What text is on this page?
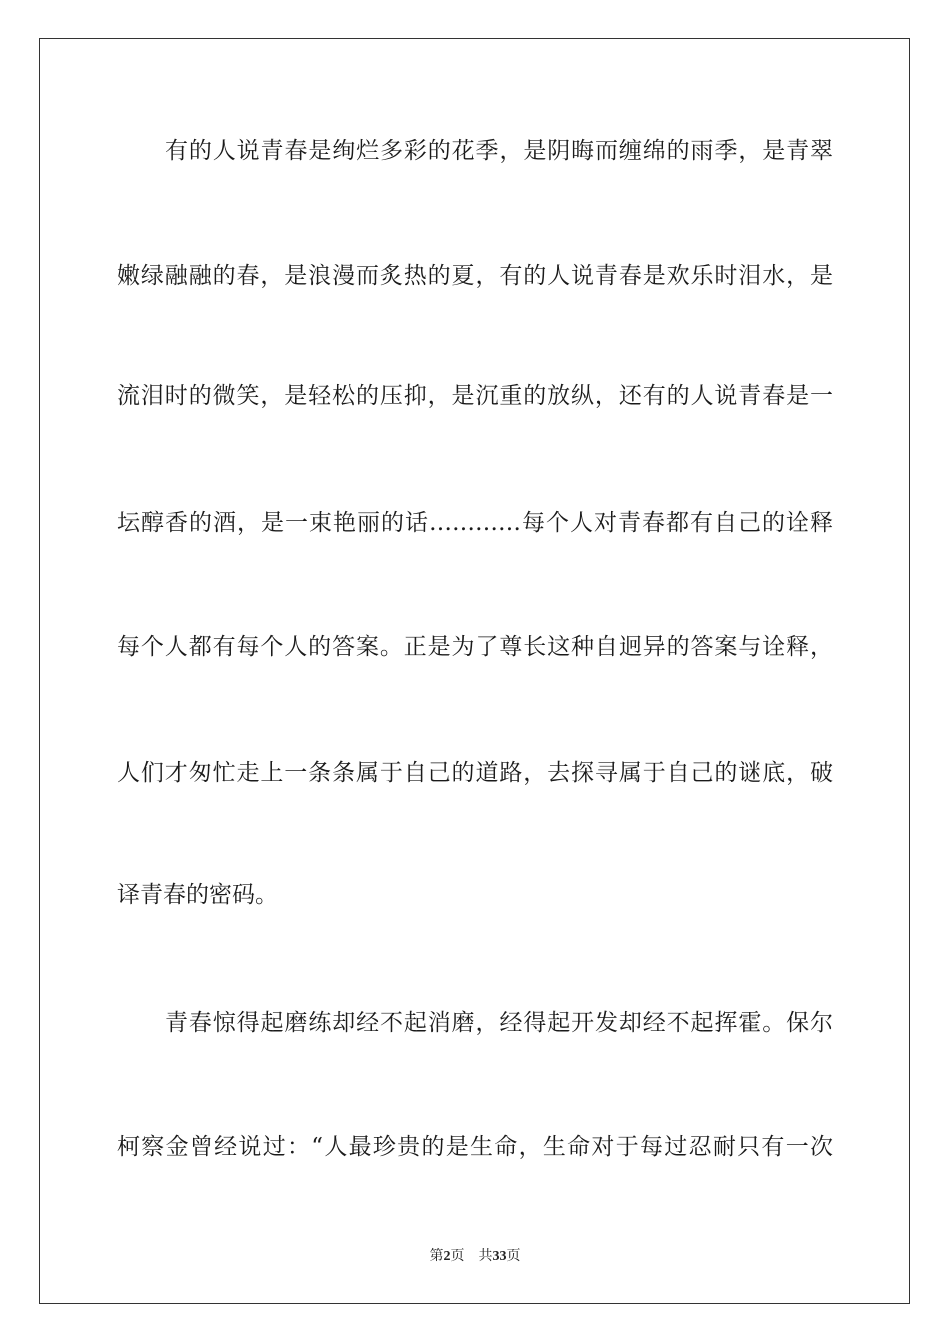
有的人说青春是绚烂多彩的花季，是阴晦而缠绵的雨季，是青翠
嫩绿融融的春，是浪漫而炙热的夏，有的人说青春是欢乐时泪水，是
流泪时的微笑，是轻松的压抑，是沉重的放纵，还有的人说青春是一
坛醇香的酒，是一束艳丽的话…………每个人对青春都有自己的诠释
每个人都有每个人的答案。正是为了尊长这种自迥异的答案与诠释，
人们才匆忙走上一条条属于自己的道路，去探寻属于自己的谜底，破
译青春的密码。
青春惊得起磨练却经不起消磨，经得起开发却经不起挥霍。保尔
柯察金曾经说过：“人最珍贵的是生命，生命对于每过忍耐只有一次
第2页 共33页
